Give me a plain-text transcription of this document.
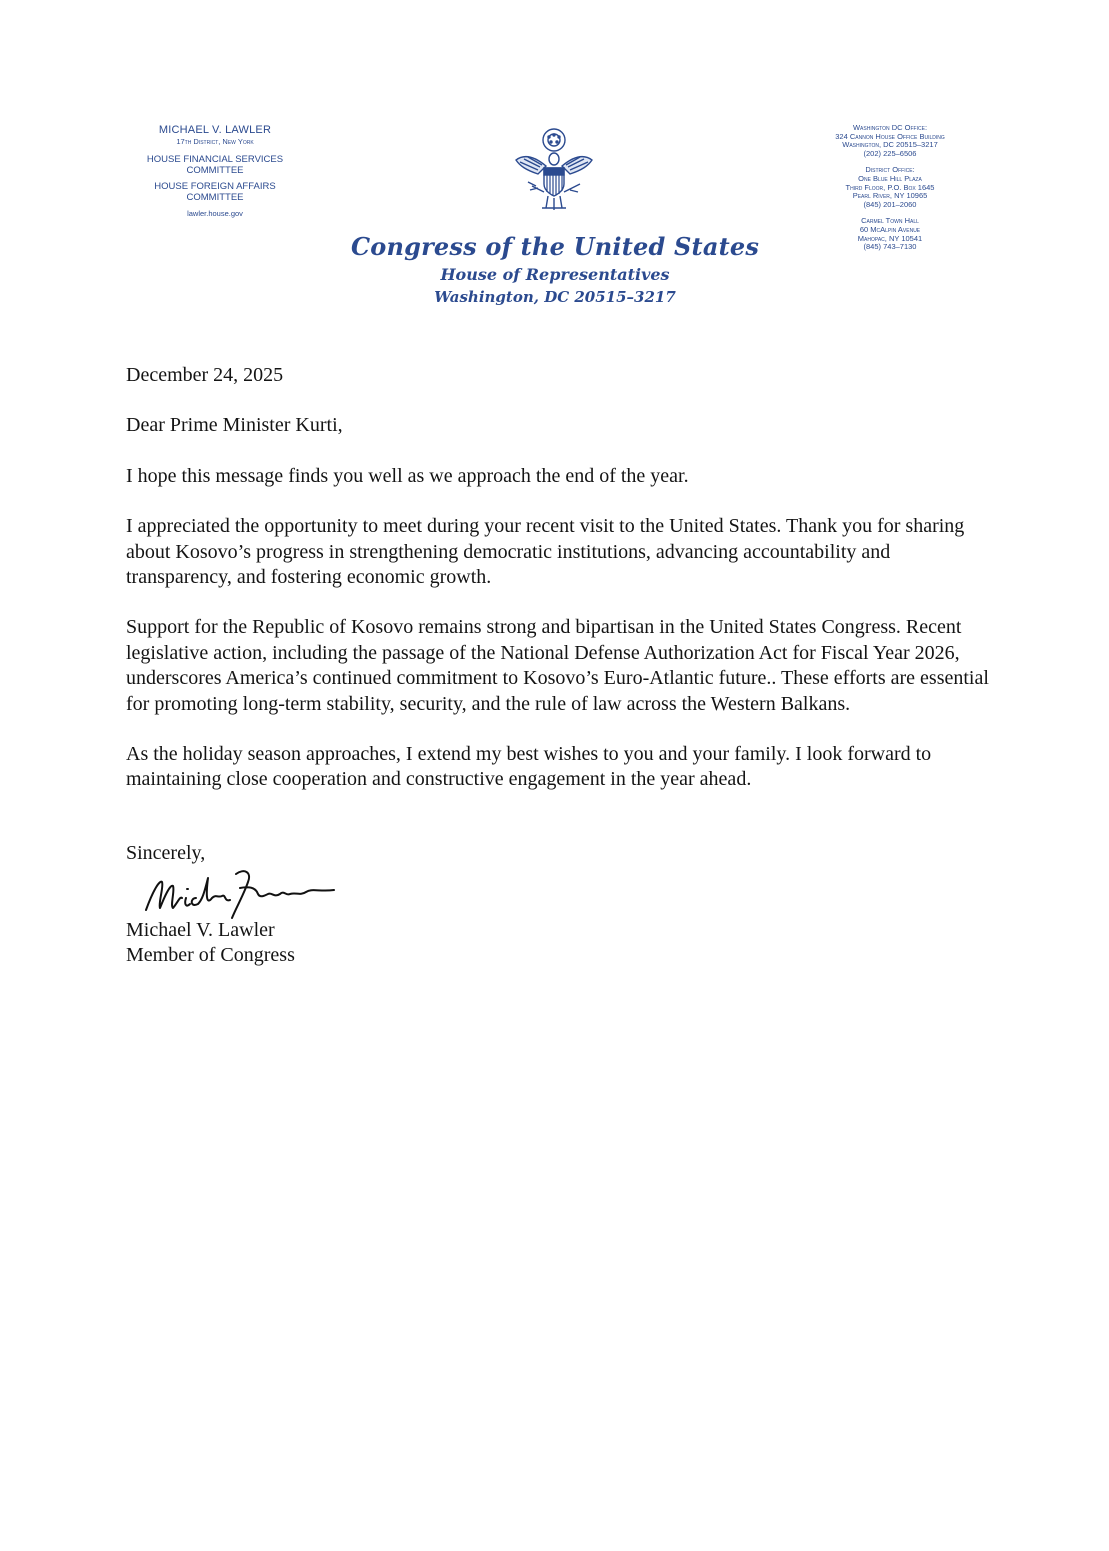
MICHAEL V. LAWLER
17th District, New York
HOUSE FINANCIAL SERVICES COMMITTEE
HOUSE FOREIGN AFFAIRS COMMITTEE
lawler.house.gov
Congress of the United States
House of Representatives
Washington, DC 20515–3217
Washington DC Office:
324 Cannon House Office Building
Washington, DC 20515–3217
(202) 225–6506
District Office:
One Blue Hill Plaza
Third Floor, P.O. Box 1645
Pearl River, NY 10965
(845) 201–2060
Carmel Town Hall
60 McAlpin Avenue
Mahopac, NY 10541
(845) 743–7130

December 24, 2025

Dear Prime Minister Kurti,

I hope this message finds you well as we approach the end of the year.

I appreciated the opportunity to meet during your recent visit to the United States. Thank you for sharing about Kosovo’s progress in strengthening democratic institutions, advancing accountability and transparency, and fostering economic growth.

Support for the Republic of Kosovo remains strong and bipartisan in the United States Congress. Recent legislative action, including the passage of the National Defense Authorization Act for Fiscal Year 2026, underscores America’s continued commitment to Kosovo’s Euro-Atlantic future.. These efforts are essential for promoting long-term stability, security, and the rule of law across the Western Balkans.

As the holiday season approaches, I extend my best wishes to you and your family. I look forward to maintaining close cooperation and constructive engagement in the year ahead.

Sincerely,
Michael V. Lawler
Member of Congress
